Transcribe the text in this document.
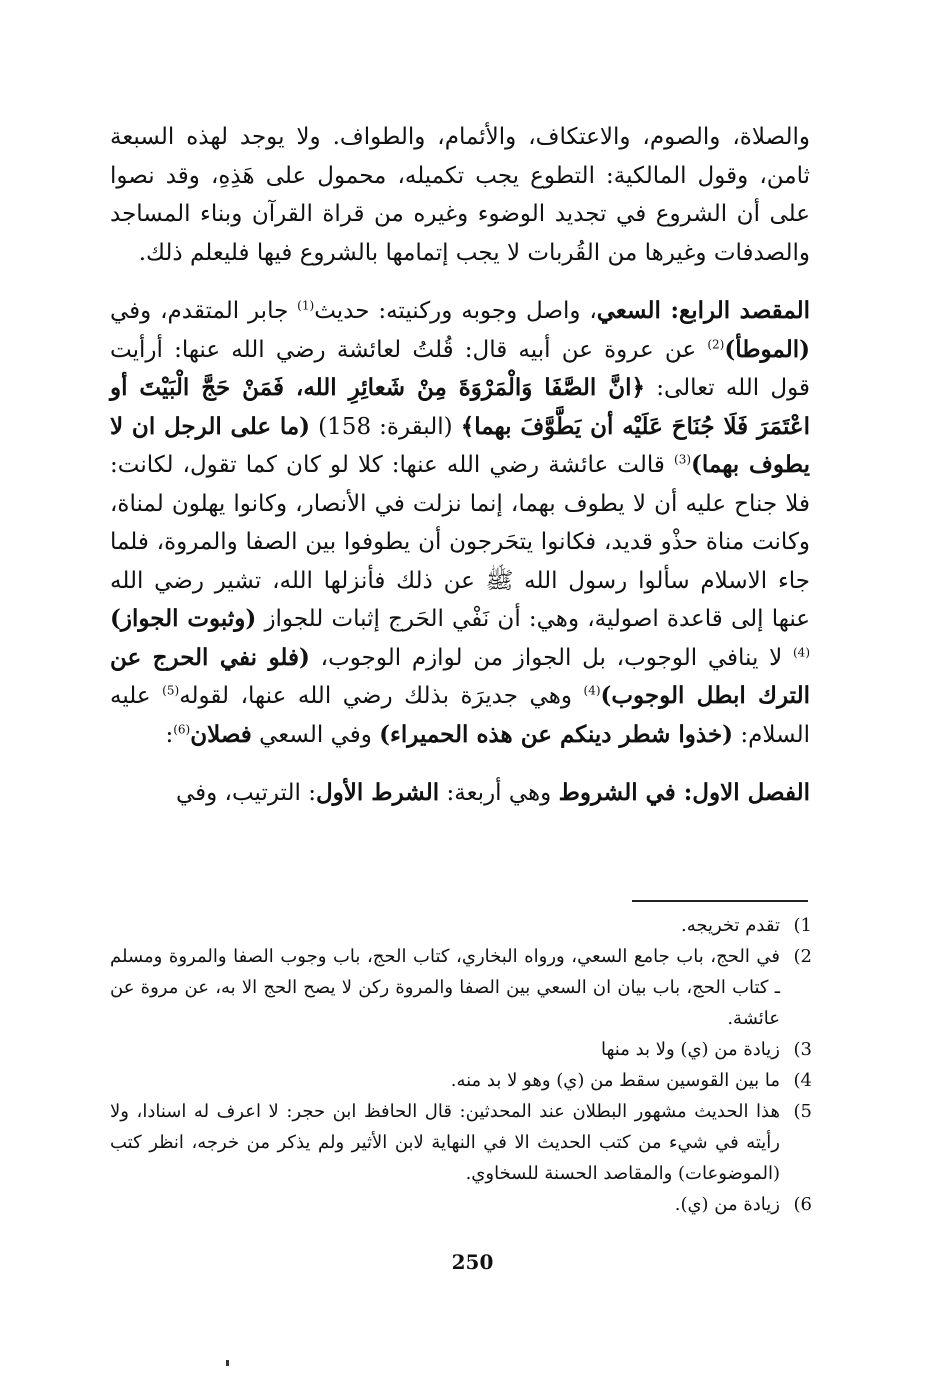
والصلاة، والصوم، والاعتكاف، والأئمام، والطواف. ولا يوجد لهذه السبعة ثامن، وقول المالكية: التطوع يجب تكميله، محمول على هَذِهِ، وقد نصوا على أن الشروع في تجديد الوضوء وغيره من قراة القرآن وبناء المساجد والصدفات وغيرها من القُربات لا يجب إتمامها بالشروع فيها فليعلم ذلك.

المقصد الرابع: السعي، واصل وجوبه وركنيته: حديث$^{(1)}$ جابر المتقدم، وفي (الموطأ)$^{(2)}$ عن عروة عن أبيه قال: قُلتُ لعائشة رضي الله عنها: أرأيت قول الله تعالى: ﴿انَّ الصَّفَا وَالْمَرْوَةَ مِنْ شَعائِرِ الله، فَمَنْ حَجَّ الْبَيْتَ أو اعْتَمَرَ فَلَا جُنَاحَ عَلَيْه أن يَطَّوَّفَ بهما﴾ (البقرة: 158) (ما على الرجل ان لا يطوف بهما)$^{(3)}$ قالت عائشة رضي الله عنها: كلا لو كان كما تقول، لكانت: فلا جناح عليه أن لا يطوف بهما، إنما نزلت في الأنصار، وكانوا يهلون لمناة، وكانت مناة حذْو قديد، فكانوا يتحَرجون أن يطوفوا بين الصفا والمروة، فلما جاء الاسلام سألوا رسول الله ﷺ عن ذلك فأنزلها الله، تشير رضي الله عنها إلى قاعدة اصولية، وهي: أن نَفْي الحَرج إثبات للجواز (وثبوت الجواز)$^{(4)}$ لا ينافي الوجوب، بل الجواز من لوازم الوجوب، (فلو نفي الحرج عن الترك ابطل الوجوب)$^{(4)}$ وهي جديرَة بذلك رضي الله عنها، لقوله$^{(5)}$ عليه السلام: (خذوا شطر دينكم عن هذه الحميراء) وفي السعي فصلان$^{(6)}$:

الفصل الاول: في الشروط وهي أربعة: الشرط الأول: الترتيب، وفي

1)
تقدم تخريجه.
2)
في الحج، باب جامع السعي، ورواه البخاري، كتاب الحج، باب وجوب الصفا والمروة ومسلم ـ كتاب الحج، باب بيان ان السعي بين الصفا والمروة ركن لا يصح الحج الا به، عن مروة عن عائشة.
3)
زيادة من (ي) ولا بد منها
4)
ما بين القوسين سقط من (ي) وهو لا بد منه.
5)
هذا الحديث مشهور البطلان عند المحدثين: قال الحافظ ابن حجر: لا اعرف له اسنادا، ولا رأيته في شيء من كتب الحديث الا في النهاية لابن الأثير ولم يذكر من خرجه، انظر كتب (الموضوعات) والمقاصد الحسنة للسخاوي.
6)
زيادة من (ي).
250
